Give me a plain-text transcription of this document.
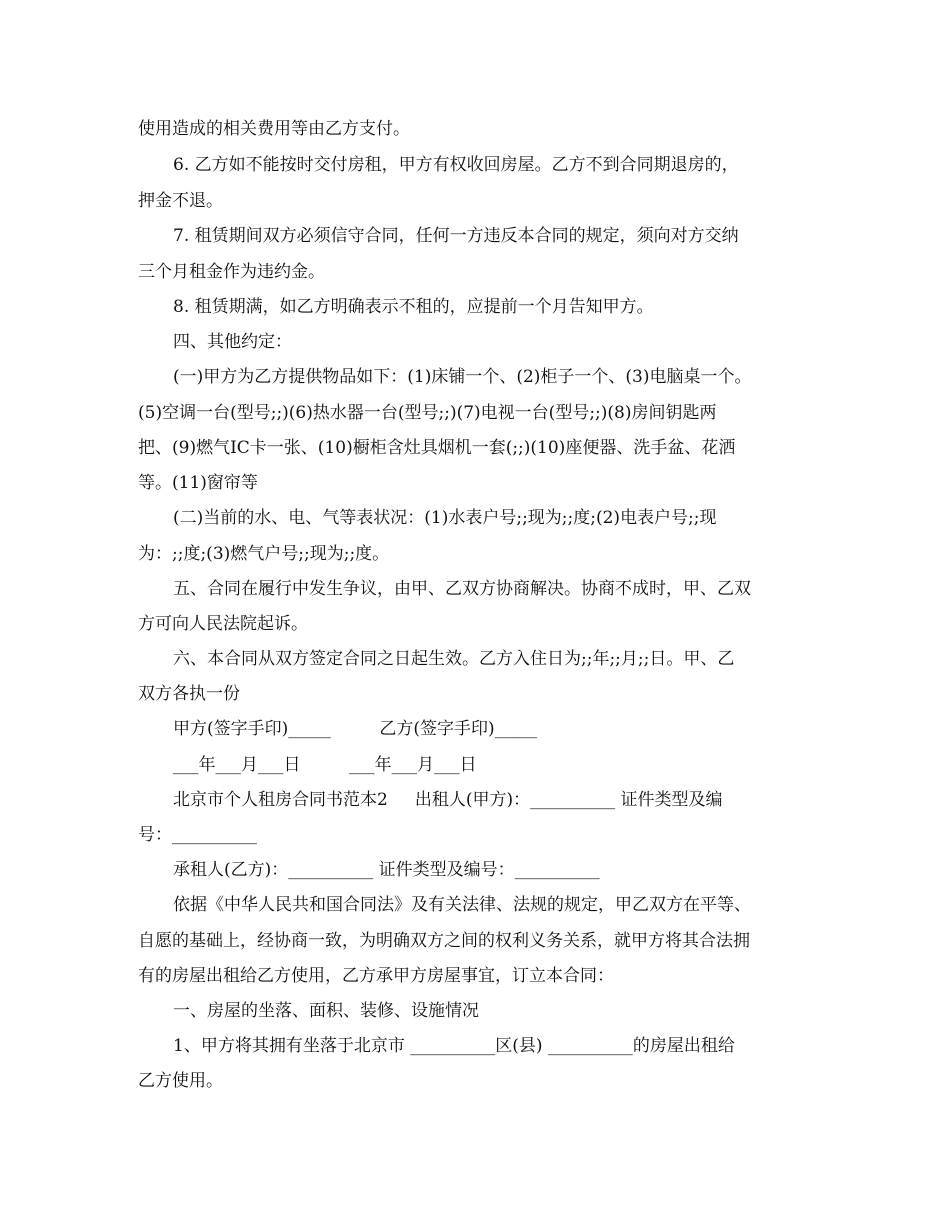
使用造成的相关费用等由乙方支付。
6. 乙方如不能按时交付房租，甲方有权收回房屋。乙方不到合同期退房的，
押金不退。
7. 租赁期间双方必须信守合同，任何一方违反本合同的规定，须向对方交纳
三个月租金作为违约金。
8. 租赁期满，如乙方明确表示不租的，应提前一个月告知甲方。
四、其他约定：
(一)甲方为乙方提供物品如下：(1)床铺一个、(2)柜子一个、(3)电脑桌一个。
(5)空调一台(型号;;)(6)热水器一台(型号;;)(7)电视一台(型号;;)(8)房间钥匙两
把、(9)燃气IC卡一张、(10)橱柜含灶具烟机一套(;;)(10)座便器、洗手盆、花洒
等。(11)窗帘等
(二)当前的水、电、气等表状况：(1)水表户号;;现为;;度;(2)电表户号;;现
为：;;度;(3)燃气户号;;现为;;度。
五、合同在履行中发生争议，由甲、乙双方协商解决。协商不成时，甲、乙双
方可向人民法院起诉。
六、本合同从双方签定合同之日起生效。乙方入住日为;;年;;月;;日。甲、乙
双方各执一份
甲方(签字手印)_____         乙方(签字手印)_____
___年___月___日         ___年___月___日
北京市个人租房合同书范本2     出租人(甲方)：__________ 证件类型及编
号：__________
承租人(乙方)：__________ 证件类型及编号：__________
依据《中华人民共和国合同法》及有关法律、法规的规定，甲乙双方在平等、
自愿的基础上，经协商一致，为明确双方之间的权利义务关系，就甲方将其合法拥
有的房屋出租给乙方使用，乙方承甲方房屋事宜，订立本合同：
一、房屋的坐落、面积、装修、设施情况
1、甲方将其拥有坐落于北京市 __________区(县) __________的房屋出租给
乙方使用。
